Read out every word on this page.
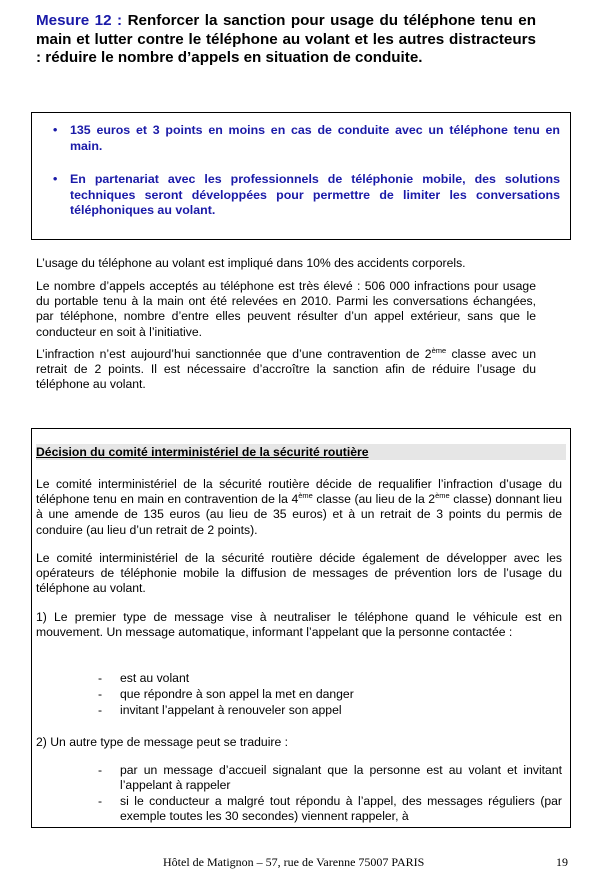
Mesure 12 : Renforcer la sanction pour usage du téléphone tenu en main et lutter contre le téléphone au volant et les autres distracteurs : réduire le nombre d’appels en situation de conduite.
• 135 euros et 3 points en moins en cas de conduite avec un téléphone tenu en main.
• En partenariat avec les professionnels de téléphonie mobile, des solutions techniques seront développées pour permettre de limiter les conversations téléphoniques au volant.
L’usage du téléphone au volant est impliqué dans 10% des accidents corporels.
Le nombre d’appels acceptés au téléphone est très élevé : 506 000 infractions pour usage du portable tenu à la main ont été relevées en 2010. Parmi les conversations échangées, par téléphone, nombre d’entre elles peuvent résulter d’un appel extérieur, sans que le conducteur en soit à l’initiative.
L’infraction n’est aujourd’hui sanctionnée que d’une contravention de 2ème classe avec un retrait de 2 points. Il est nécessaire d’accroître la sanction afin de réduire l’usage du téléphone au volant.
Décision du comité interministériel de la sécurité routière
Le comité interministériel de la sécurité routière décide de requalifier l’infraction d’usage du téléphone tenu en main en contravention de la 4ème classe (au lieu de la 2ème classe) donnant lieu à une amende de 135 euros (au lieu de 35 euros) et à un retrait de 3 points du permis de conduire (au lieu d’un retrait de 2 points).
Le comité interministériel de la sécurité routière décide également de développer avec les opérateurs de téléphonie mobile la diffusion de messages de prévention lors de l’usage du téléphone au volant.
1) Le premier type de message vise à neutraliser le téléphone quand le véhicule est en mouvement. Un message automatique, informant l’appelant que la personne contactée :
- est au volant
- que répondre à son appel la met en danger
- invitant l’appelant à renouveler son appel
2) Un autre type de message peut se traduire :
- par un message d’accueil signalant que la personne est au volant et invitant l’appelant à rappeler
- si le conducteur a malgré tout répondu à l’appel, des messages réguliers (par exemple toutes les 30 secondes) viennent rappeler, à
Hôtel de Matignon – 57, rue de Varenne 75007 PARIS	19
